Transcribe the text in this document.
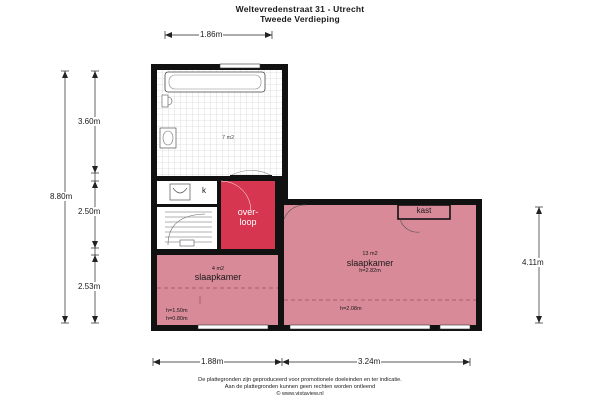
Weltevredenstraat 31 - Utrecht
Tweede Verdieping
1.86m
8.80m
3.60m
2.50m
2.53m
4.11m
1.88m	3.24m
7 m2
over-
loop
kast
k
13 m2
slaapkamer
h=2.82m
h=2.08m
4 m2
slaapkamer
h=1.50m
h=0.80m
De plattegronden zijn geproduceerd voor promotionele doeleinden en ter indicatie.
Aan de plattegronden kunnen geen rechten worden ontleend
© www.vistaview.nl
